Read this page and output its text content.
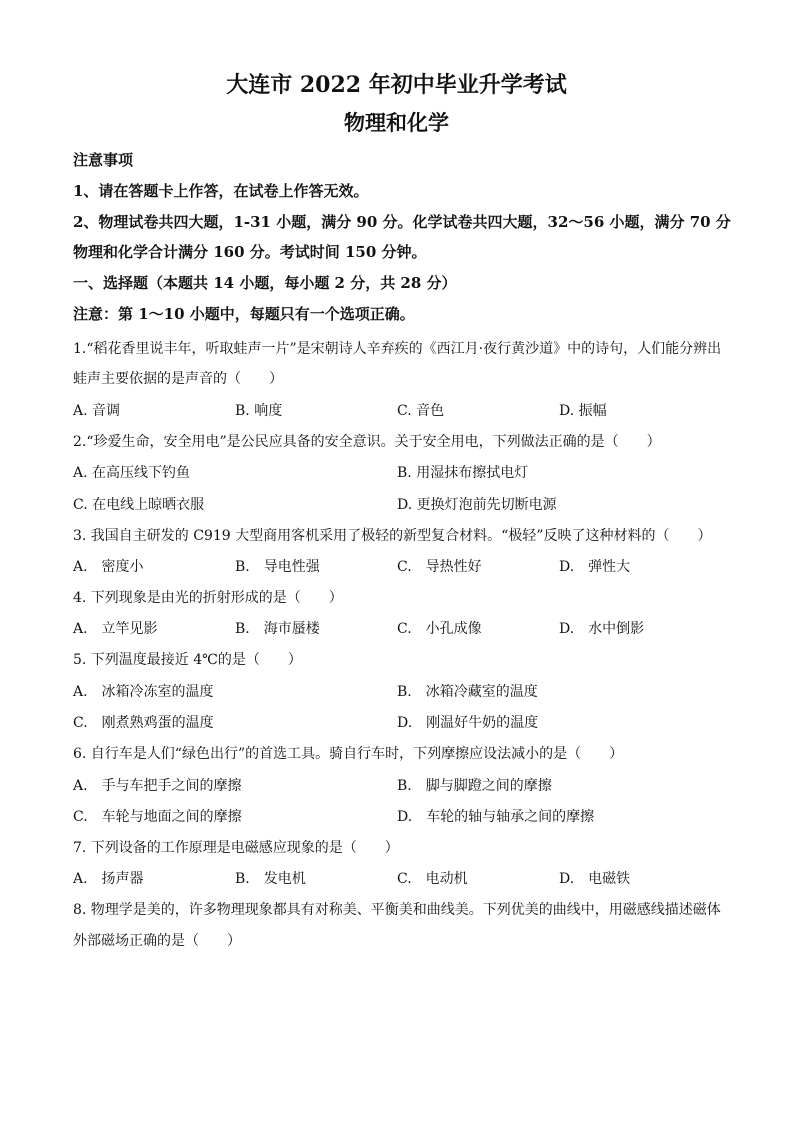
大连市 2022 年初中毕业升学考试
物理和化学
注意事项
1、请在答题卡上作答，在试卷上作答无效。
2、物理试卷共四大题，1-31 小题，满分 90 分。化学试卷共四大题，32～56 小题，满分 70 分
物理和化学合计满分 160 分。考试时间 150 分钟。
一、选择题（本题共 14 小题，每小题 2 分，共 28 分）
注意：第 1～10 小题中，每题只有一个选项正确。
1.“稻花香里说丰年，听取蛙声一片”是宋朝诗人辛弃疾的《西江月·夜行黄沙道》中的诗句，人们能分辨出
蛙声主要依据的是声音的（　　）
A. 音调	B. 响度	C. 音色	D. 振幅
2.“珍爱生命，安全用电”是公民应具备的安全意识。关于安全用电，下列做法正确的是（　　）
A. 在高压线下钓鱼	B. 用湿抹布擦拭电灯
C. 在电线上晾晒衣服	D. 更换灯泡前先切断电源
3. 我国自主研发的 C919 大型商用客机采用了极轻的新型复合材料。“极轻”反映了这种材料的（　　）
A.　密度小	B.　导电性强	C.　导热性好	D.　弹性大
4. 下列现象是由光的折射形成的是（　　）
A.　立竿见影	B.　海市蜃楼	C.　小孔成像	D.　水中倒影
5. 下列温度最接近 4℃的是（　　）
A.　冰箱冷冻室的温度	B.　冰箱冷藏室的温度
C.　刚煮熟鸡蛋的温度	D.　刚温好牛奶的温度
6. 自行车是人们“绿色出行”的首选工具。骑自行车时，下列摩擦应设法减小的是（　　）
A.　手与车把手之间的摩擦	B.　脚与脚蹬之间的摩擦
C.　车轮与地面之间的摩擦	D.　车轮的轴与轴承之间的摩擦
7. 下列设备的工作原理是电磁感应现象的是（　　）
A.　扬声器	B.　发电机	C.　电动机	D.　电磁铁
8. 物理学是美的，许多物理现象都具有对称美、平衡美和曲线美。下列优美的曲线中，用磁感线描述磁体
外部磁场正确的是（　　）
